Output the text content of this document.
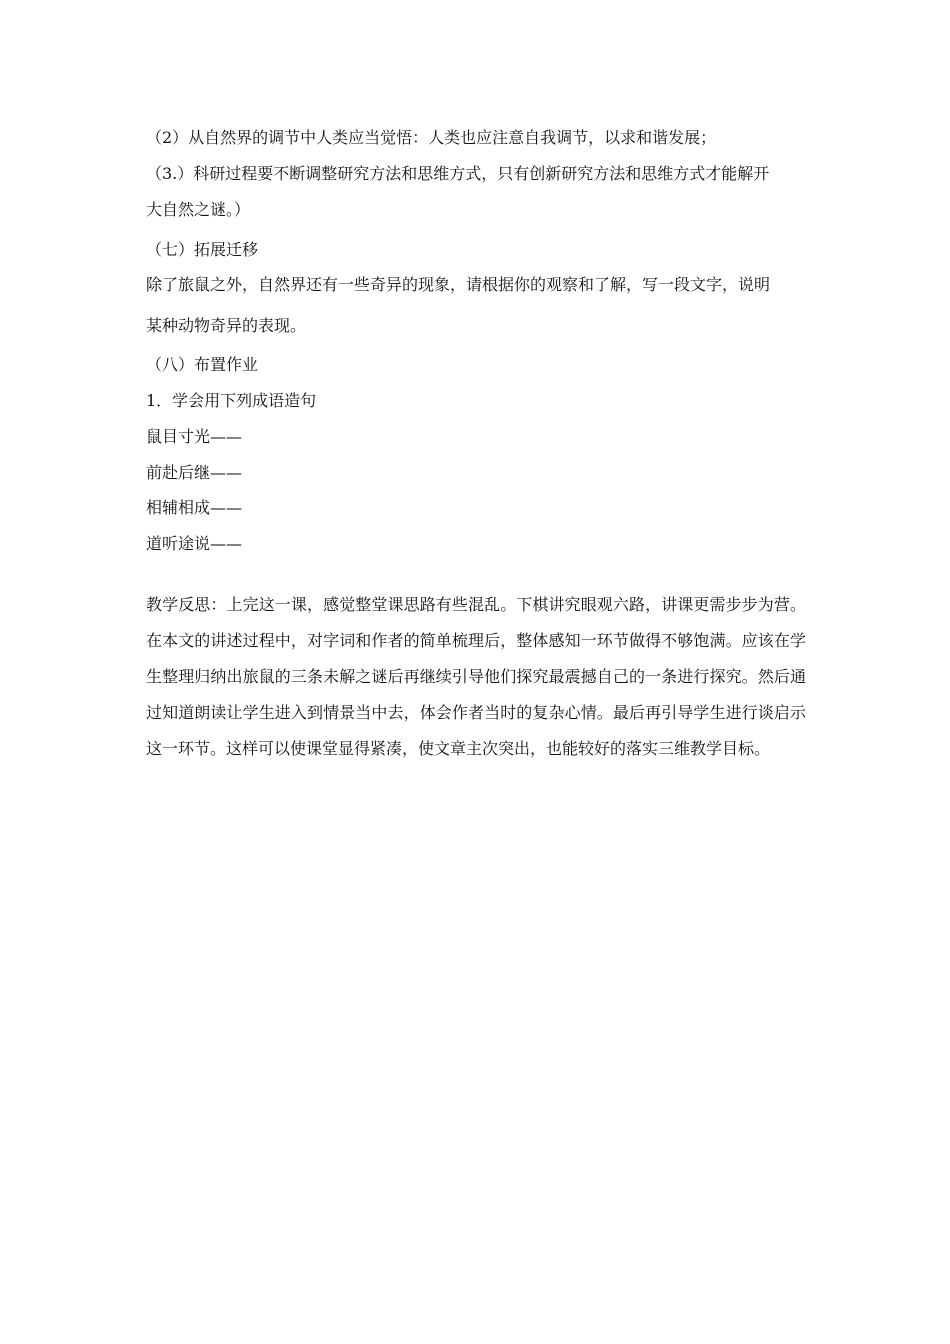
（2）从自然界的调节中人类应当觉悟：人类也应注意自我调节，以求和谐发展；
（3.）科研过程要不断调整研究方法和思维方式，只有创新研究方法和思维方式才能解开
大自然之谜。）
（七）拓展迁移
除了旅鼠之外，自然界还有一些奇异的现象，请根据你的观察和了解，写一段文字，说明
某种动物奇异的表现。
（八）布置作业
1．学会用下列成语造句
鼠目寸光——
前赴后继——
相辅相成——
道听途说——
教学反思：上完这一课，感觉整堂课思路有些混乱。下棋讲究眼观六路，讲课更需步步为营。在本文的讲述过程中，对字词和作者的简单梳理后，整体感知一环节做得不够饱满。应该在学生整理归纳出旅鼠的三条未解之谜后再继续引导他们探究最震撼自己的一条进行探究。然后通过知道朗读让学生进入到情景当中去，体会作者当时的复杂心情。最后再引导学生进行谈启示这一环节。这样可以使课堂显得紧凑，使文章主次突出，也能较好的落实三维教学目标。
